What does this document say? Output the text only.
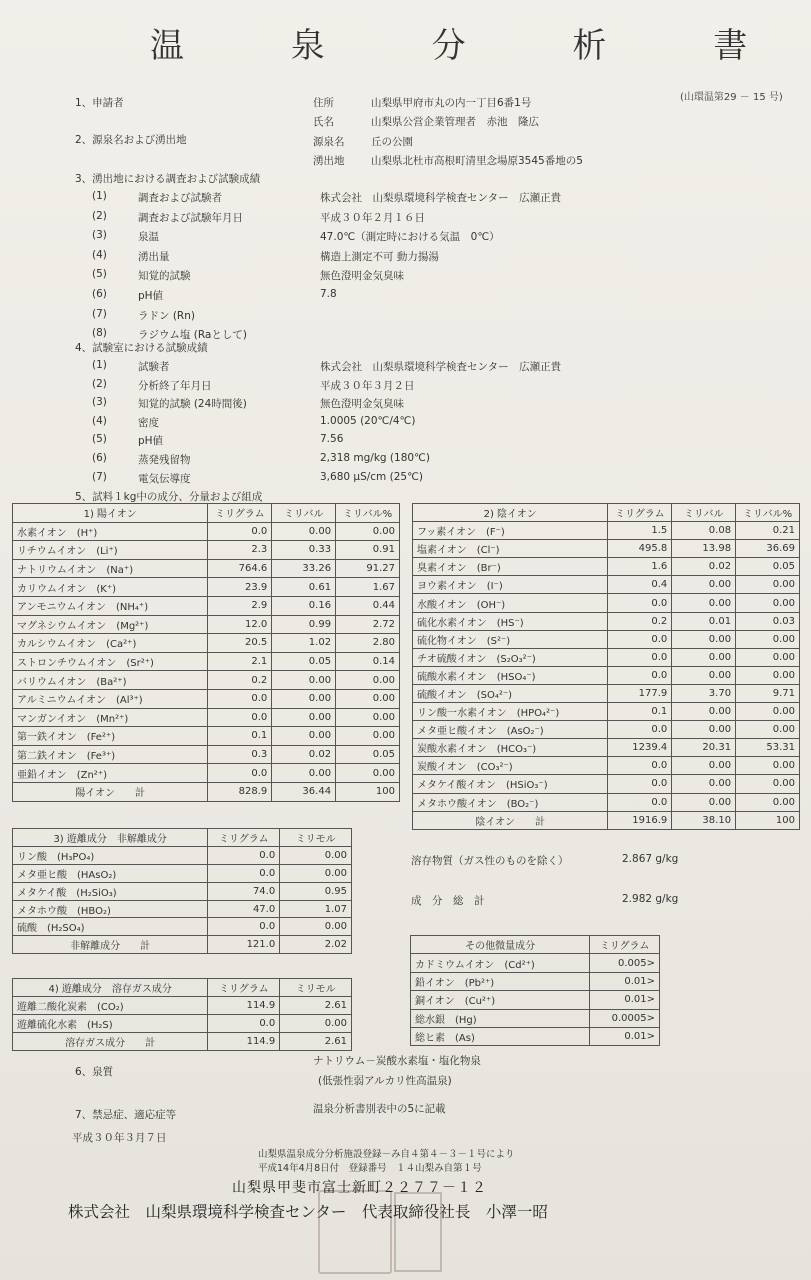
温 泉 分 析 書
(山環温第29 － 15 号)
1、申請者	住所	山梨県甲府市丸の内一丁目6番1号
氏名	山梨県公営企業管理者　赤池　隆広
2、源泉名および湧出地	源泉名	丘の公園
湧出地	山梨県北杜市高根町清里念場原3545番地の5
3、湧出地における調査および試験成績
(1)	調査および試験者	株式会社　山梨県環境科学検査センター　広瀬正貴
(2)	調査および試験年月日	平成３０年２月１６日
(3)	泉温	47.0℃（測定時における気温　0℃）
(4)	湧出量	構造上測定不可 動力揚湯
(5)	知覚的試験	無色澄明金気臭味
(6)	pH値	7.8
(7)	ラドン (Rn)
(8)	ラジウム塩 (Raとして)
4、試験室における試験成績
(1)	試験者	株式会社　山梨県環境科学検査センター　広瀬正貴
(2)	分析終了年月日	平成３０年３月２日
(3)	知覚的試験 (24時間後)	無色澄明金気臭味
(4)	密度	1.0005 (20℃/4℃)
(5)	pH値	7.56
(6)	蒸発残留物	2,318 mg/kg (180℃)
(7)	電気伝導度	3,680 μS/cm (25℃)
5、試料１kg中の成分、分量および組成
1) 陽イオン	ミリグラム	ミリバル	ミリバル%
水素イオン　(H⁺)	0.0	0.00	0.00
リチウムイオン　(Li⁺)	2.3	0.33	0.91
ナトリウムイオン　(Na⁺)	764.6	33.26	91.27
カリウムイオン　(K⁺)	23.9	0.61	1.67
アンモニウムイオン　(NH₄⁺)	2.9	0.16	0.44
マグネシウムイオン　(Mg²⁺)	12.0	0.99	2.72
カルシウムイオン　(Ca²⁺)	20.5	1.02	2.80
ストロンチウムイオン　(Sr²⁺)	2.1	0.05	0.14
バリウムイオン　(Ba²⁺)	0.2	0.00	0.00
アルミニウムイオン　(Al³⁺)	0.0	0.00	0.00
マンガンイオン　(Mn²⁺)	0.0	0.00	0.00
第一鉄イオン　(Fe²⁺)	0.1	0.00	0.00
第二鉄イオン　(Fe³⁺)	0.3	0.02	0.05
亜鉛イオン　(Zn²⁺)	0.0	0.00	0.00
陽イオン　　計	828.9	36.44	100
2) 陰イオン	ミリグラム	ミリバル	ミリバル%
フッ素イオン　(F⁻)	1.5	0.08	0.21
塩素イオン　(Cl⁻)	495.8	13.98	36.69
臭素イオン　(Br⁻)	1.6	0.02	0.05
ヨウ素イオン　(I⁻)	0.4	0.00	0.00
水酸イオン　(OH⁻)	0.0	0.00	0.00
硫化水素イオン　(HS⁻)	0.2	0.01	0.03
硫化物イオン　(S²⁻)	0.0	0.00	0.00
チオ硫酸イオン　(S₂O₃²⁻)	0.0	0.00	0.00
硫酸水素イオン　(HSO₄⁻)	0.0	0.00	0.00
硫酸イオン　(SO₄²⁻)	177.9	3.70	9.71
リン酸一水素イオン　(HPO₄²⁻)	0.1	0.00	0.00
メタ亜ヒ酸イオン　(AsO₂⁻)	0.0	0.00	0.00
炭酸水素イオン　(HCO₃⁻)	1239.4	20.31	53.31
炭酸イオン　(CO₃²⁻)	0.0	0.00	0.00
メタケイ酸イオン　(HSiO₃⁻)	0.0	0.00	0.00
メタホウ酸イオン　(BO₂⁻)	0.0	0.00	0.00
陰イオン　　計	1916.9	38.10	100
3) 遊離成分　非解離成分	ミリグラム	ミリモル
リン酸　(H₃PO₄)	0.0	0.00
メタ亜ヒ酸　(HAsO₂)	0.0	0.00
メタケイ酸　(H₂SiO₃)	74.0	0.95
メタホウ酸　(HBO₂)	47.0	1.07
硫酸　(H₂SO₄)	0.0	0.00
非解離成分　　計	121.0	2.02
4) 遊離成分　溶存ガス成分	ミリグラム	ミリモル
遊離二酸化炭素　(CO₂)	114.9	2.61
遊離硫化水素　(H₂S)	0.0	0.00
溶存ガス成分　　計	114.9	2.61
溶存物質（ガス性のものを除く）	2.867 g/kg
成　分　総　計	2.982 g/kg
その他微量成分	ミリグラム
カドミウムイオン　(Cd²⁺)	0.005>
鉛イオン　(Pb²⁺)	0.01>
銅イオン　(Cu²⁺)	0.01>
総水銀　(Hg)	0.0005>
総ヒ素　(As)	0.01>
6、泉質
ナトリウム－炭酸水素塩・塩化物泉
(低張性弱アルカリ性高温泉)
7、禁忌症、適応症等	温泉分析書別表中の5に記載
平成３０年３月７日
山梨県温泉成分分析施設登録－み自４第４－３－１号により
平成14年4月8日付　登録番号　１４山梨み自第１号
山梨県甲斐市富士新町２２７７－１２
株式会社　山梨県環境科学検査センター　代表取締役社長　小澤一昭
